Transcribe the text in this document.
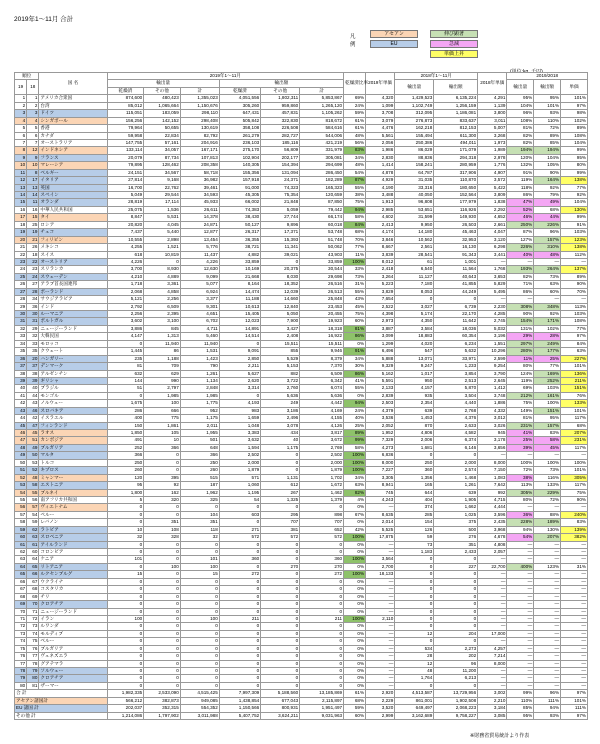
2019年1～11月 合計
凡例
アセアン	伸び顕著
EU	急減
単価上昇
順位		国 名	2019年1～11月						乾燥済比率	2019年単価	2018年1～11月		2018年単価	2019/2018		
19	18		輸出量			輸出額					輸出量	輸出額		輸出量	輸出額	単価
			乾燥済	その他	計	乾燥済	その他	計								
1	1	アメリカ合衆国	874,600	480,423	1,355,023	4,051,556	1,802,311	5,853,867	69%	4,320	1,429,523	6,135,224	4,291	95%	95%	101%
2	2	台湾	85,012	1,065,664	1,150,676	305,260	959,860	1,265,120	24%	1,099	1,102,749	1,256,159	1,139	104%	101%	97%
3	3	ドイツ	115,051	183,059	298,110	647,431	457,831	1,105,262	59%	3,708	312,095	1,186,081	3,800	96%	93%	98%
4	4	シンガポール	156,256	142,152	298,408	505,842	322,830	818,672	61%	3,079	276,873	833,637	3,011	108%	110%	102%
5	5	香港	79,964	50,655	130,619	358,108	226,508	584,616	61%	4,476	162,218	812,153	5,007	81%	72%	89%
6	6	カナダ	59,958	22,834	82,792	261,279	282,727	544,006	48%	5,561	155,494	611,300	3,268	82%	89%	108%
7	7	オーストラリア	147,755	57,161	204,916	236,103	185,116	421,219	56%	2,056	250,386	494,011	1,973	82%	85%	104%
8	12	インドネシア	133,114	34,057	167,171	275,170	56,809	331,979	83%	1,986	86,029	171,079	1,989	194%	194%	99%
9	9	フランス	20,079	87,734	107,813	102,904	202,177	305,081	34%	2,830	88,836	294,318	2,978	120%	104%	95%
10	10	マレーシア	79,895	128,462	208,358	140,305	154,394	294,699	48%	1,414	158,241	280,959	1,776	132%	105%	80%
11	8	ベルギー	24,151	34,567	58,718	155,356	131,094	286,450	54%	4,878	64,787	317,906	4,907	91%	90%	99%
12	17	イタリア	27,814	9,168	36,982	157,918	24,371	182,289	87%	4,929	31,035	110,870	3,572	119%	164%	138%
13	13	英国	16,700	22,762	39,461	91,000	74,323	165,323	55%	4,190	33,316	180,650	5,422	118%	92%	77%
14	14	スペイン	5,049	29,544	34,593	45,305	75,354	120,659	38%	3,488	40,050	152,564	3,809	86%	79%	92%
15	11	オランダ	28,819	17,114	45,933	66,002	21,848	87,850	75%	1,913	96,808	177,979	1,838	47%	49%	104%
16	16	中華人民共和国	25,075	1,536	26,611	74,383	5,059	79,442	94%	2,985	53,651	116,926	2,292	52%	68%	130%
17	15	タイ	8,847	5,531	14,378	38,430	27,744	66,174	58%	4,602	31,599	149,930	4,652	46%	44%	99%
18	25	ロシア	20,820	4,045	24,871	50,127	9,896	60,018	84%	2,413	9,950	26,503	2,661	250%	226%	91%
19	19	チェコ	7,437	5,440	12,877	26,317	17,371	53,748	68%	4,174	14,180	45,463	4,047	87%	96%	103%
20	21	フィリピン	10,555	2,898	13,454	36,355	15,393	51,748	70%	3,846	10,562	32,953	3,120	127%	157%	123%
21	26	メキシコ	4,255	1,521	5,776	38,721	11,341	50,062	77%	8,667	2,561	16,130	6,298	226%	310%	138%
22	18	スイス	618	10,819	11,437	4,882	39,021	43,903	11%	3,839	28,541	91,343	3,441	40%	48%	112%
23	22	オーストリア	4,226	0	4,226	33,859	0	33,859	100%	8,012	61	1,001	—	—	—	—
24	23	スリランカ	3,700	8,930	12,630	10,169	20,375	30,544	33%	2,418	6,540	11,564	1,768	193%	264%	137%
25	24	スウェーデン	4,210	4,889	9,099	21,668	8,030	29,698	73%	3,264	11,127	40,643	3,653	82%	73%	89%
26	27	アラブ首長国連邦	1,718	3,361	5,077	8,164	18,352	26,516	31%	5,223	7,180	41,855	5,829	71%	63%	90%
27	28	ポーランド	2,068	4,858	6,924	14,474	12,039	26,513	55%	3,829	8,053	44,249	5,495	86%	60%	70%
28	34	サウジアラビア	5,121	2,256	3,377	11,188	14,660	25,848	43%	7,654	0	0	—	—	—	—
29	36	インド	2,792	6,509	9,301	10,613	12,840	23,453	45%	2,522	3,027	6,739	2,230	308%	348%	113%
30	30	ルーマニア	2,256	2,395	4,651	15,405	5,050	20,455	75%	4,398	5,174	22,170	4,285	90%	92%	103%
31	31	ポルトガル	3,602	3,100	6,702	12,023	7,900	19,923	60%	2,973	4,350	11,642	2,745	154%	171%	108%
32	29	ニュージーランド	3,886	845	4,711	14,891	3,427	18,318	81%	3,887	3,584	18,036	5,032	131%	102%	77%
33	32	大韓民国	4,147	1,313	5,460	14,514	2,408	16,922	86%	3,099	18,883	60,354	3,196	29%	28%	97%
34	33	モロッコ	0	11,940	11,940	0	15,511	15,511	0%	1,299	4,020	6,234	1,551	297%	249%	84%
35	35	クウェート	1,445	86	1,531	9,091	855	9,946	91%	6,496	547	5,632	10,296	280%	177%	63%
36	20	ハンガリー	235	1,188	1,423	2,850	5,529	8,379	34%	5,888	13,071	33,971	2,599	11%	25%	227%
37	37	デンマーク	81	709	790	2,211	5,153	7,370	30%	9,329	9,247	1,233	9,254	80%	77%	101%
38	38	アルゼンチン	632	629	1,261	5,627	882	6,509	86%	5,162	1,017	3,854	3,790	124%	169%	136%
39	39	ギリシャ	144	990	1,134	2,620	3,722	6,342	41%	5,591	950	2,513	2,645	119%	252%	211%
40	40	ブラジル	51	2,797	2,848	3,314	2,760	6,074	55%	2,133	4,157	5,870	1,412	69%	103%	151%
41	44	モンゴル	0	1,985	1,985	0	5,636	5,636	0%	2,839	935	3,504	3,748	212%	161%	76%
42	43	ノルウェー	1,675	100	1,775	4,193	249	4,442	94%	2,503	2,354	4,440	1,886	75%	100%	133%
43	46	スロバキア	286	666	952	983	3,186	4,169	24%	4,379	639	2,768	4,332	149%	151%	101%
44	42	イスラエル	400	775	1,175	1,659	2,496	4,155	40%	3,536	1,453	4,376	3,012	81%	95%	117%
45	47	フィンランド	150	1,861	2,011	1,048	3,078	4,126	25%	2,052	870	2,633	3,026	231%	157%	68%
46	45	ラオス	1,850	105	1,955	3,383	434	3,817	89%	1,952	4,806	4,582	945	41%	83%	207%
47	51	カンボジア	491	10	501	3,632	40	3,672	99%	7,329	2,006	6,374	3,178	25%	58%	231%
48	49	ブルガリア	252	366	648	1,594	1,175	2,769	58%	4,273	1,681	6,146	3,656	39%	45%	117%
49	50	マルタ	366	0	366	2,502	0	2,502	100%	6,836	0	0	—	—	—	—
50	53	トルコ	250	0	250	2,000	0	2,000	100%	8,000	250	2,000	8,000	100%	100%	100%
51	52	キプロス	260	0	260	1,879	0	1,879	100%	7,227	360	2,574	7,150	72%	73%	101%
52	48	ミャンマー	120	395	515	571	1,131	1,702	34%	3,305	1,356	1,468	1,083	38%	116%	305%
53	58	エストニア	95	92	187	1,060	612	1,672	63%	8,941	165	1,261	7,642	113%	133%	117%
54	55	ブルネイ	1,800	162	1,962	1,195	267	1,462	82%	745	644	639	992	305%	229%	75%
55	56	南アフリカ共和国	5	320	325	54	1,325	1,379	4%	4,243	404	1,905	4,715	80%	72%	90%
56	57	ヴィエトナム	0	0	0	0	0	0	0%	—	374	1,662	4,444	—	—	—
57	54	ペルー	0	0	104	603	295	898	67%	8,635	285	1,025	3,596	36%	88%	240%
58	59	レバノン	0	351	351	0	707	707	0%	2,014	154	375	2,435	228%	189%	83%
59	62	ラトビア	10	108	118	271	381	652	42%	5,525	126	500	3,968	94%	130%	139%
60	63	スロベニア	32	328	32	572	572	572	100%	17,875	59	276	4,678	54%	207%	382%
61	61	アイルランド	0	0	0	0	0	0	0%	—	73	351	4,808	—	—	—
62	60	コロンビア	0	0	0	0	0	0	0%	—	1,183	2,433	2,057	—	—	—
63	64	ケニア	101	0	101	360	0	360	100%	3,564	0	0	—	—	—	—
64	65	リトアニア	0	100	100	0	270	270	0%	2,700	0	227	22,700	400%	123%	31%
65	66	ルクセンブルグ	15	0	15	272	0	272	100%	18,133	0	0	—	—	—	—
66	67	ウクライナ	0	0	0	0	0	0	0%	—	0	0	—	—	—	—
67	68	コスタリカ	0	0	0	0	0	0	0%	—	0	0	—	—	—	—
68	69	チリ	0	0	0	0	0	0	0%	—	0	0	—	—	—	—
69	70	クロアチア	0	0	0	0	0	0	0%	—	0	0	—	—	—	—
70	71	ニュージーランド	0	0	0	0	0	0	0%	—	0	0	—	—	—	—
71	72	イラン	100	0	100	211	0	211	100%	2,110	0	0	—	—	—	—
72	73	ルワンダ	0	0	0	0	0	0	0%	—	0	0	—	—	—	—
73	74	モルディブ	0	0	0	0	0	0	0%	—	12	204	17,000	—	—	—
74	75	ベルー	0	0	0	0	0	0	0%	—	0	0	—	—	—	—
75	76	ブルガリア	0	0	0	0	0	0	0%	—	534	2,273	4,257	—	—	—
76	77	ヴェネズエラ	0	0	0	0	0	0	0%	—	28	202	7,214	—	—	—
77	78	グアテマラ	0	0	0	0	0	0	0%	—	12	96	8,000	—	—	—
78	79	ソルウェー	0	0	0	0	0	0	0%	—	48	11,200	—	—	—	—
79	80	クロアチア	0	0	0	0	0	0	0%	—	1,764	6,213	—	—	—	—
80	81	ザーマー	0	0	0	0	0	0	0%	—	0	0	—	—	—	—
合 計			1,982,335	2,533,090	4,515,425	7,997,309	5,188,560	13,185,869	61%	2,920	4,513,587	13,729,956	3,002	99%	96%	97%
アセアン諸国計			566,212	382,873	949,085	1,438,854	677,043	2,115,897	68%	2,229	861,001	1,902,508	2,210	110%	111%	101%
EU 諸国 計			202,037	352,315	554,352	1,150,566	800,931	1,951,497	59%	3,520	649,497	2,068,223	3,184	85%	94%	111%
その他 計			1,214,086	1,797,902	3,011,988	5,407,752	3,624,211	9,031,963	60%	2,999	3,162,689	9,758,227	3,085	95%	93%	97%
※財務省貿易統計より作表
